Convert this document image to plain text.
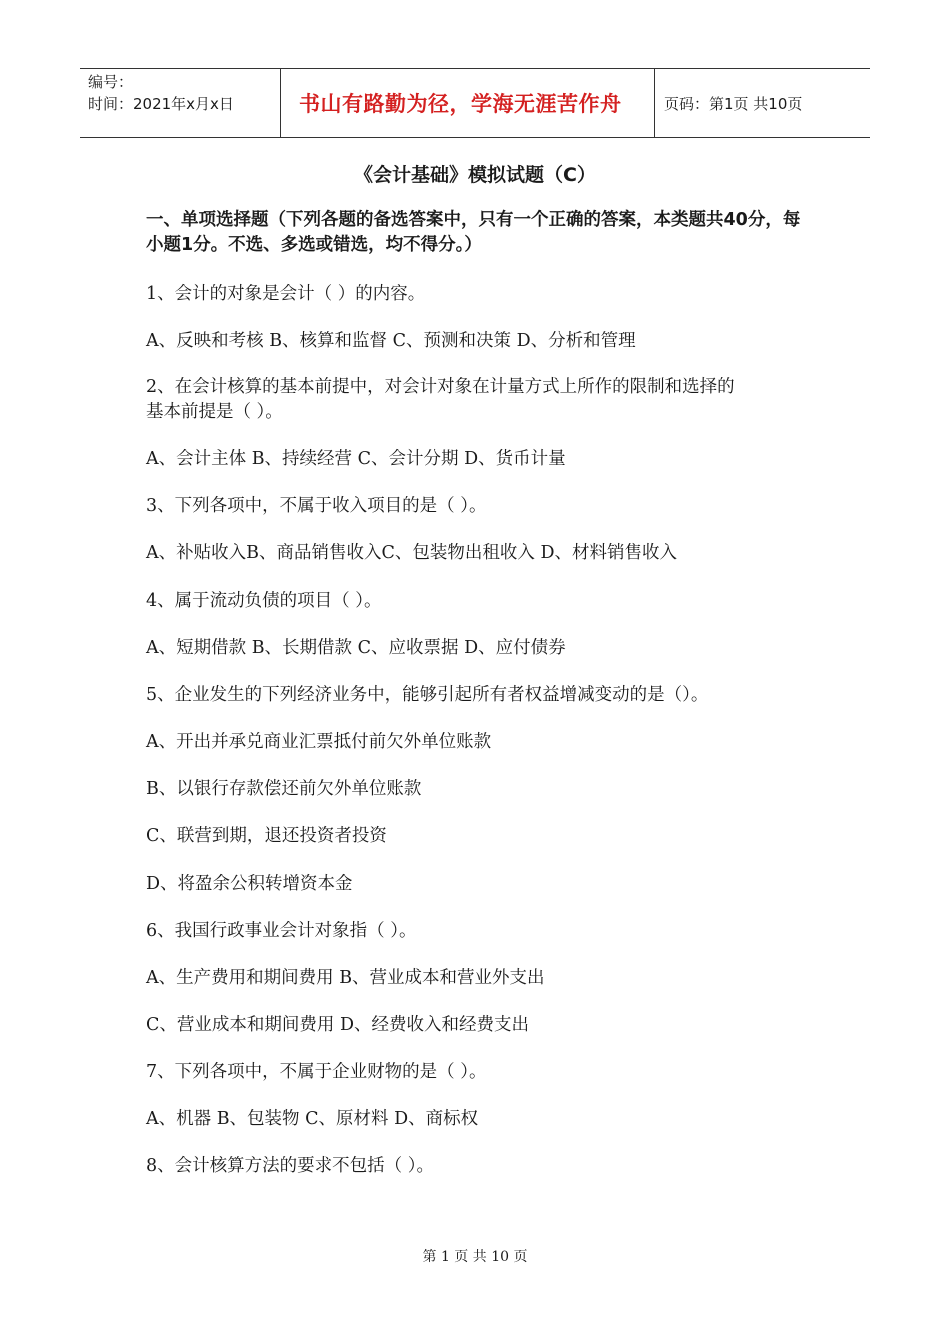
编号：
时间：2021年x月x日	书山有路勤为径，学海无涯苦作舟	页码：第1页 共10页
《会计基础》模拟试题（C）
一、单项选择题（下列各题的备选答案中，只有一个正确的答案，本类题共40分，每小题1分。不选、多选或错选，均不得分。）
1、会计的对象是会计（ ）的内容。
A、反映和考核 B、核算和监督 C、预测和决策 D、分析和管理
2、在会计核算的基本前提中，对会计对象在计量方式上所作的限制和选择的
基本前提是（ ）。
A、会计主体 B、持续经营 C、会计分期 D、货币计量
3、下列各项中，不属于收入项目的是（ ）。
A、补贴收入B、商品销售收入C、包装物出租收入 D、材料销售收入
4、属于流动负债的项目（ ）。
A、短期借款 B、长期借款 C、应收票据 D、应付债券
5、企业发生的下列经济业务中，能够引起所有者权益增减变动的是（）。
A、开出并承兑商业汇票抵付前欠外单位账款
B、以银行存款偿还前欠外单位账款
C、联营到期，退还投资者投资
D、将盈余公积转增资本金
6、我国行政事业会计对象指（ ）。
A、生产费用和期间费用 B、营业成本和营业外支出
C、营业成本和期间费用 D、经费收入和经费支出
7、下列各项中，不属于企业财物的是（ ）。
A、机器 B、包装物 C、原材料 D、商标权
8、会计核算方法的要求不包括（ ）。
第 1 页 共 10 页
